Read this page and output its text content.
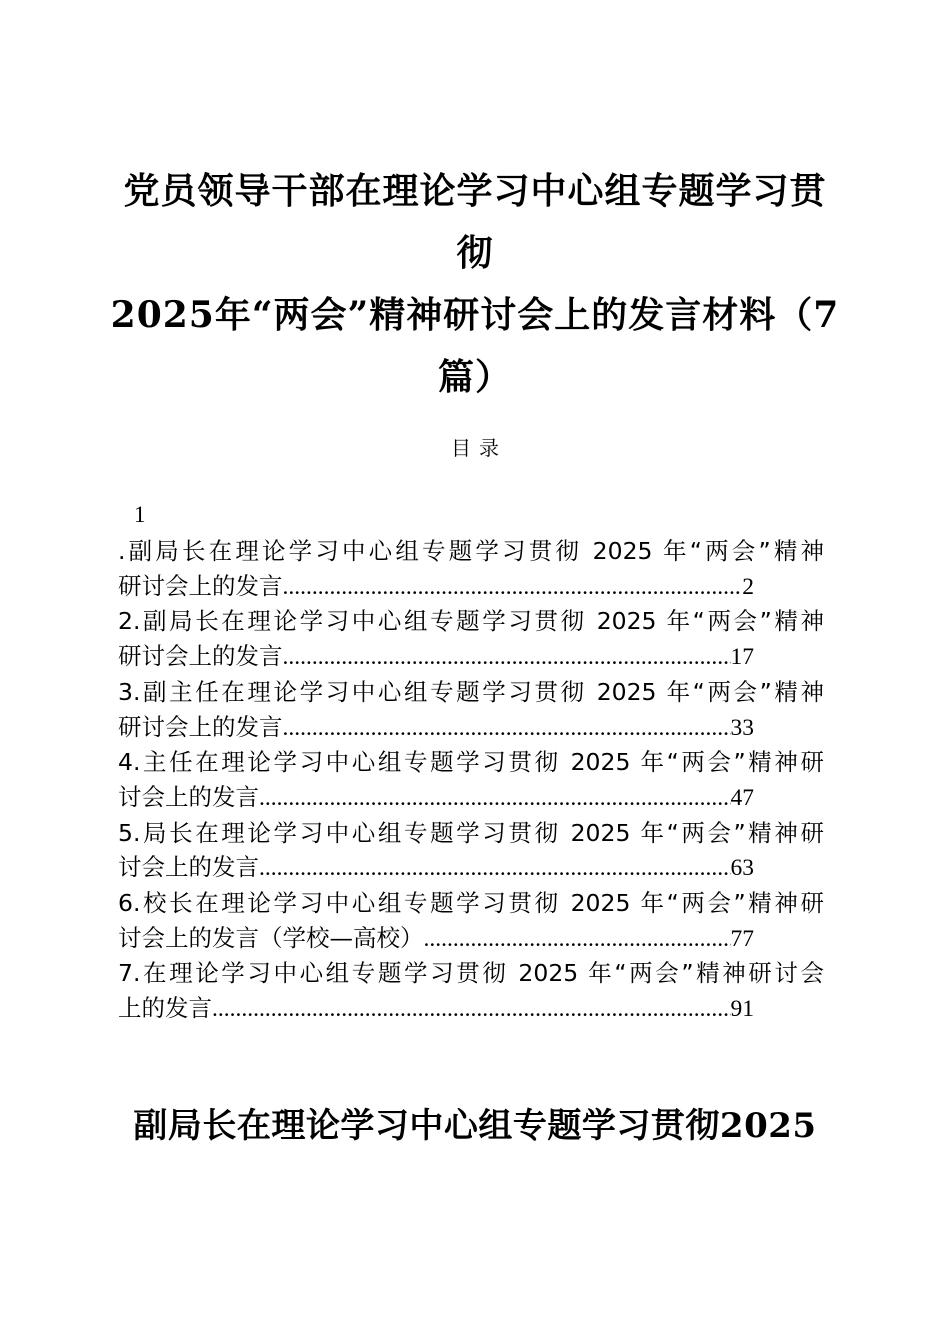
党员领导干部在理论学习中心组专题学习贯彻
2025年“两会”精神研讨会上的发言材料（7
篇）
目录
1
.副局长在理论学习中心组专题学习贯彻 2025 年“两会”精神
研讨会上的发言 .....	2
2.副局长在理论学习中心组专题学习贯彻 2025 年“两会”精神
研讨会上的发言 .....	17
3.副主任在理论学习中心组专题学习贯彻 2025 年“两会”精神
研讨会上的发言 .....	33
4.主任在理论学习中心组专题学习贯彻 2025 年“两会”精神研
讨会上的发言 .....	47
5.局长在理论学习中心组专题学习贯彻 2025 年“两会”精神研
讨会上的发言 .....	63
6.校长在理论学习中心组专题学习贯彻 2025 年“两会”精神研
讨会上的发言（学校—高校） .....	77
7.在理论学习中心组专题学习贯彻 2025 年“两会”精神研讨会
上的发言 .....	91
副局长在理论学习中心组专题学习贯彻2025
